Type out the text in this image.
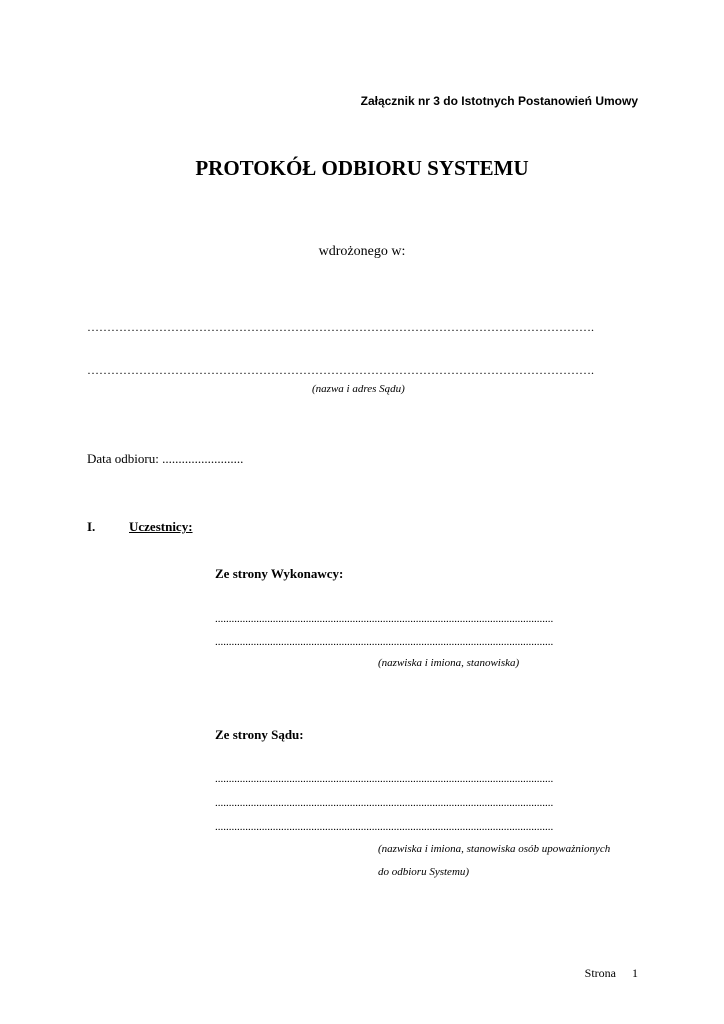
Załącznik nr 3 do Istotnych Postanowień Umowy
PROTOKÓŁ ODBIORU SYSTEMU
wdrożonego w:
……………………………………………………………………………………………………………….
……………………………………………………………………………………………………………….
(nazwa i adres Sądu)
Data odbioru: .........................
I.	Uczestnicy:
Ze strony Wykonawcy:
...........................................................................................................................
...........................................................................................................................
(nazwiska i imiona, stanowiska)
Ze strony Sądu:
...........................................................................................................................
...........................................................................................................................
...........................................................................................................................
(nazwiska i imiona, stanowiska osób upoważnionych
do odbioru Systemu)
Strona 1
